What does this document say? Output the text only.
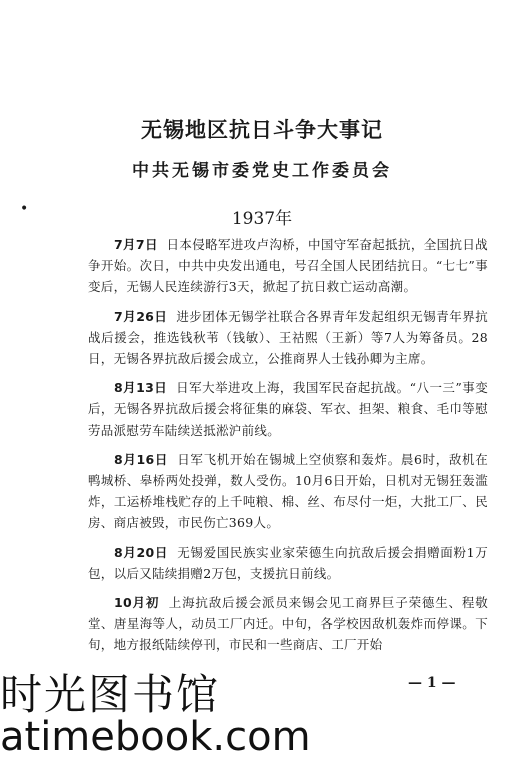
无锡地区抗日斗争大事记
中共无锡市委党史工作委员会
•	1937年

7月7日 日本侵略军进攻卢沟桥，中国守军奋起抵抗，全国抗日战争开始。次日，中共中央发出通电，号召全国人民团结抗日。“七七”事变后，无锡人民连续游行3天，掀起了抗日救亡运动高潮。

7月26日 进步团体无锡学社联合各界青年发起组织无锡青年界抗战后援会，推选钱秋苇（钱敏）、王祜熙（王新）等7人为筹备员。28日，无锡各界抗敌后援会成立，公推商界人士钱孙卿为主席。

8月13日 日军大举进攻上海，我国军民奋起抗战。“八一三”事变后，无锡各界抗敌后援会将征集的麻袋、军衣、担架、粮食、毛巾等慰劳品派慰劳车陆续送抵淞沪前线。

8月16日 日军飞机开始在锡城上空侦察和轰炸。晨6时，敌机在鸭城桥、皋桥两处投弹，数人受伤。10月6日开始，日机对无锡狂轰滥炸，工运桥堆栈贮存的上千吨粮、棉、丝、布尽付一炬，大批工厂、民房、商店被毁，市民伤亡369人。

8月20日 无锡爱国民族实业家荣德生向抗敌后援会捐赠面粉1万包，以后又陆续捐赠2万包，支援抗日前线。

10月初 上海抗敌后援会派员来锡会见工商界巨子荣德生、程敬堂、唐星海等人，动员工厂内迁。中旬，各学校因敌机轰炸而停课。下旬，地方报纸陆续停刊，市民和一些商店、工厂开始

— 1 —
时光图书馆
atimebook.com
